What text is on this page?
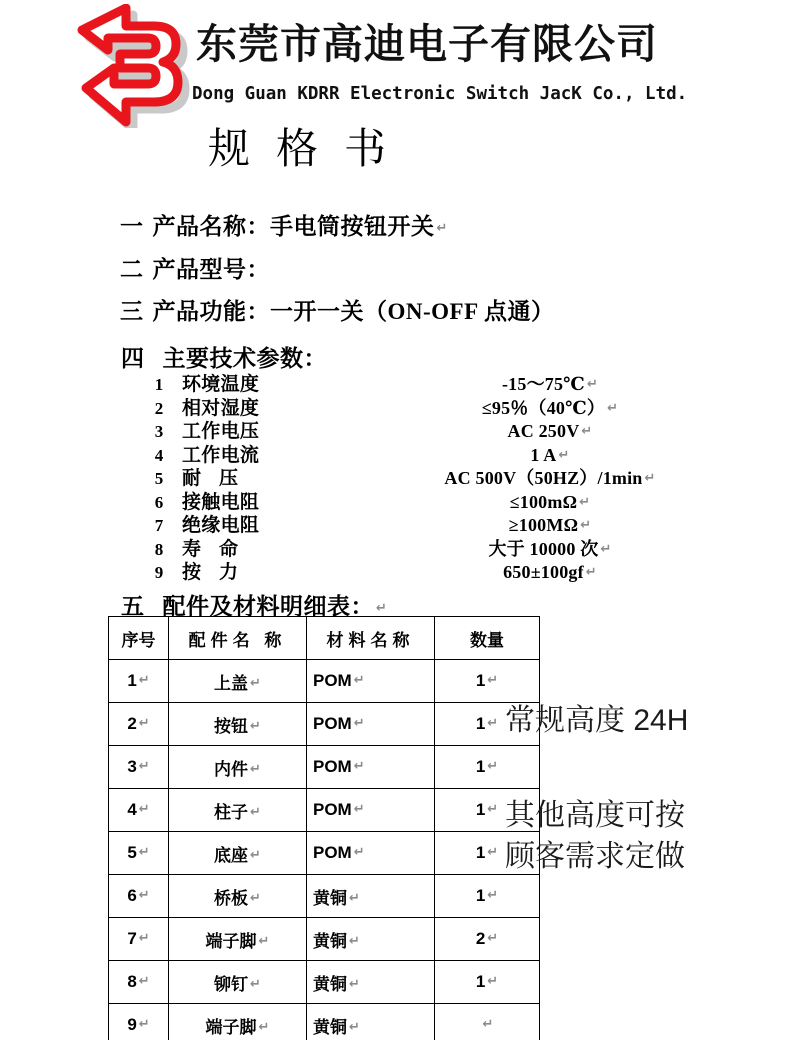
东莞市高迪电子有限公司
Dong Guan KDRR Electronic Switch JacK Co., Ltd.
规格书
一 产品名称：手电筒按钮开关 ↵
二 产品型号：
三 产品功能：一开一关（ON-OFF 点通）
四 主要技术参数：
1 环境温度	-15～75℃ ↵
2 相对湿度	≤95％（40℃） ↵
3 工作电压	AC 250V ↵
4 工作电流	1 A ↵
5 耐压	AC 500V（50HZ）/1min ↵
6 接触电阻	≤100mΩ ↵
7 绝缘电阻	≥100MΩ ↵
8 寿命	大于 10000 次 ↵
9 按力	650±100gf ↵
五 配件及材料明细表： ↵
序号	配件名 称	材料名称	数量
1 ↵	上盖 ↵	POM ↵	1 ↵
2 ↵	按钮 ↵	POM ↵	1 ↵
3 ↵	内件 ↵	POM ↵	1 ↵
4 ↵	柱子 ↵	POM ↵	1 ↵
5 ↵	底座 ↵	POM ↵	1 ↵
6 ↵	桥板 ↵	黄铜 ↵	1 ↵
7 ↵	端子脚 ↵	黄铜 ↵	2 ↵
8 ↵	铆钉 ↵	黄铜 ↵	1 ↵
9 ↵	端子脚 ↵	黄铜 ↵	↵
常规高度 24H
其他高度可按
顾客需求定做
